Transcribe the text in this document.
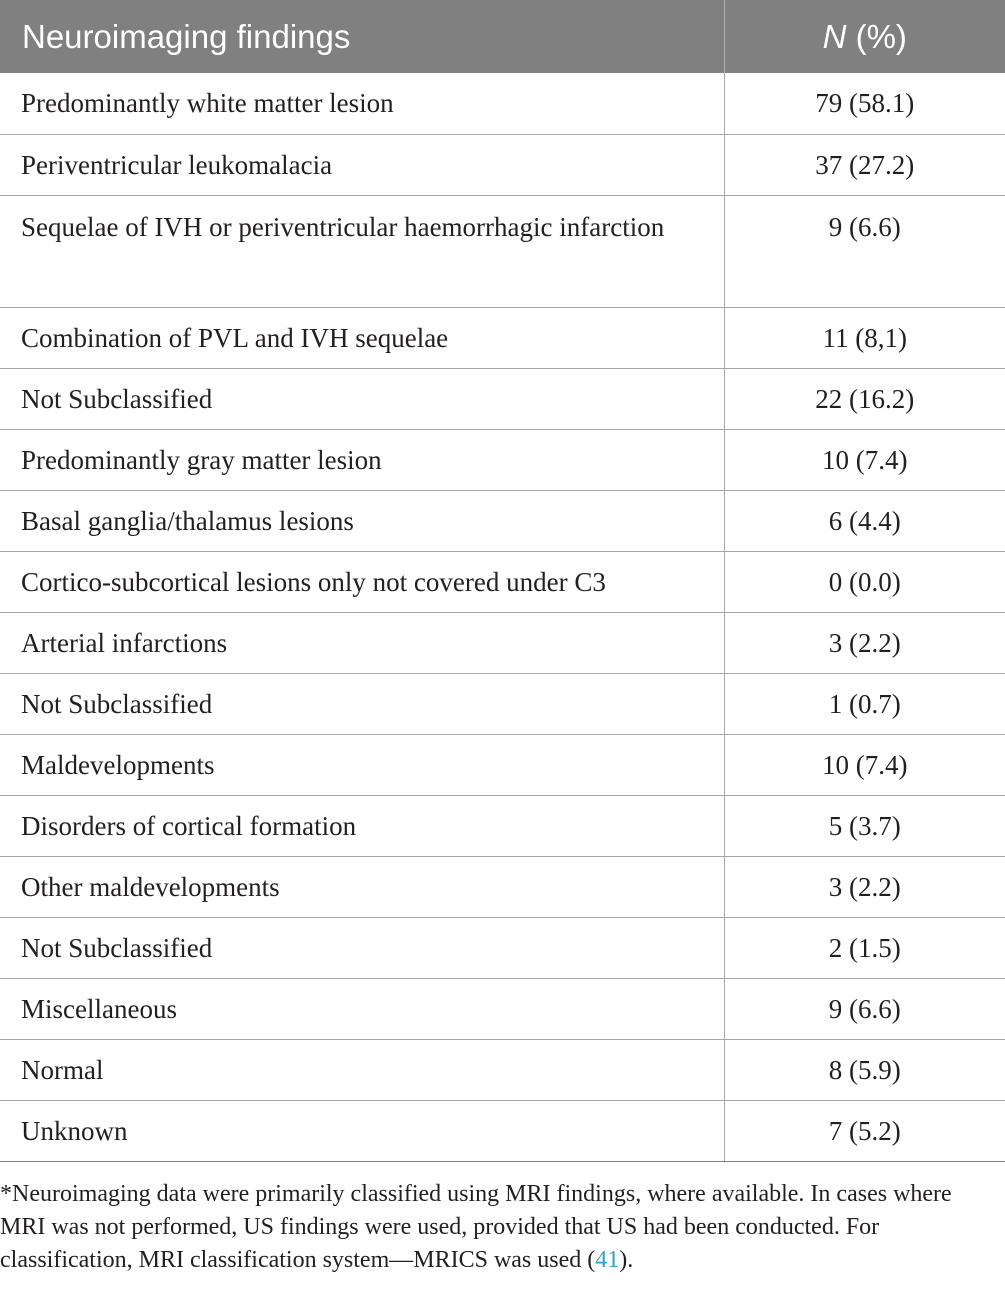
Neuroimaging findings	N (%)
Predominantly white matter lesion	79 (58.1)
Periventricular leukomalacia	37 (27.2)
Sequelae of IVH or periventricular haemorrhagic infarction	9 (6.6)
Combination of PVL and IVH sequelae	11 (8,1)
Not Subclassified	22 (16.2)
Predominantly gray matter lesion	10 (7.4)
Basal ganglia/thalamus lesions	6 (4.4)
Cortico-subcortical lesions only not covered under C3	0 (0.0)
Arterial infarctions	3 (2.2)
Not Subclassified	1 (0.7)
Maldevelopments	10 (7.4)
Disorders of cortical formation	5 (3.7)
Other maldevelopments	3 (2.2)
Not Subclassified	2 (1.5)
Miscellaneous	9 (6.6)
Normal	8 (5.9)
Unknown	7 (5.2)
*Neuroimaging data were primarily classified using MRI findings, where available. In cases where MRI was not performed, US findings were used, provided that US had been conducted. For classification, MRI classification system—MRICS was used (41).
